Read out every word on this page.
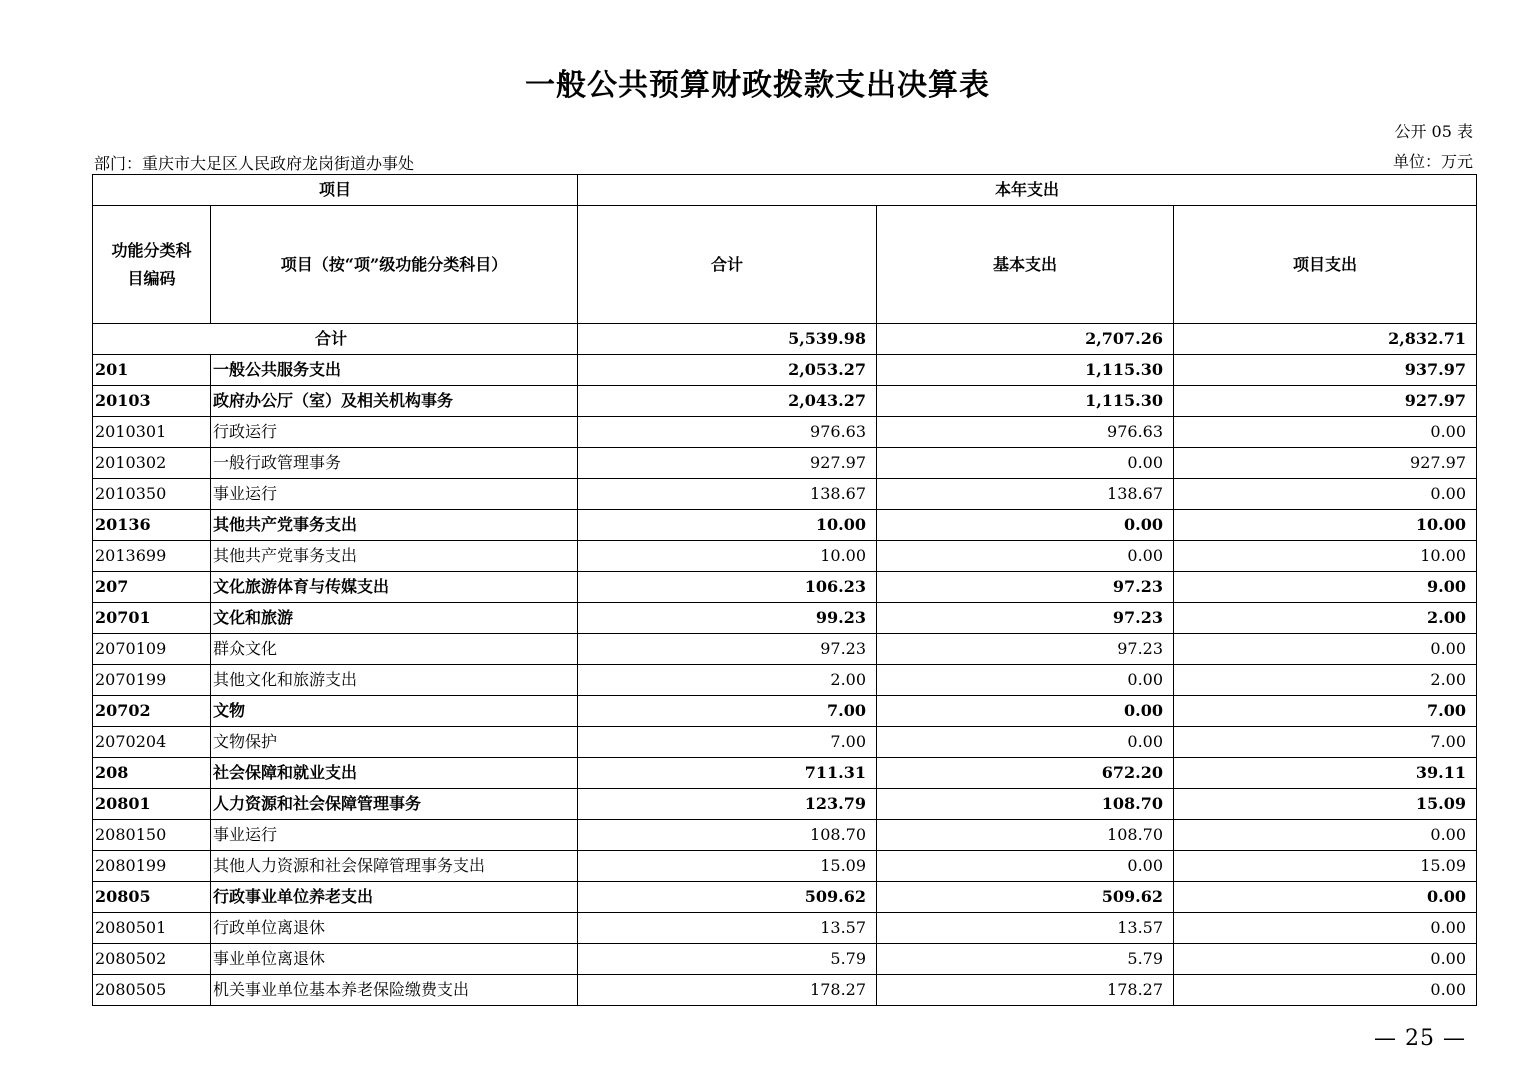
一般公共预算财政拨款支出决算表
公开 05 表
部门：重庆市大足区人民政府龙岗街道办事处	单位：万元
项目		本年支出		
功能分类科目编码	项目（按“项”级功能分类科目）	合计	基本支出	项目支出
合计		5,539.98	2,707.26	2,832.71
201	一般公共服务支出	2,053.27	1,115.30	937.97
20103	政府办公厅（室）及相关机构事务	2,043.27	1,115.30	927.97
2010301	行政运行	976.63	976.63	0.00
2010302	一般行政管理事务	927.97	0.00	927.97
2010350	事业运行	138.67	138.67	0.00
20136	其他共产党事务支出	10.00	0.00	10.00
2013699	其他共产党事务支出	10.00	0.00	10.00
207	文化旅游体育与传媒支出	106.23	97.23	9.00
20701	文化和旅游	99.23	97.23	2.00
2070109	群众文化	97.23	97.23	0.00
2070199	其他文化和旅游支出	2.00	0.00	2.00
20702	文物	7.00	0.00	7.00
2070204	文物保护	7.00	0.00	7.00
208	社会保障和就业支出	711.31	672.20	39.11
20801	人力资源和社会保障管理事务	123.79	108.70	15.09
2080150	事业运行	108.70	108.70	0.00
2080199	其他人力资源和社会保障管理事务支出	15.09	0.00	15.09
20805	行政事业单位养老支出	509.62	509.62	0.00
2080501	行政单位离退休	13.57	13.57	0.00
2080502	事业单位离退休	5.79	5.79	0.00
2080505	机关事业单位基本养老保险缴费支出	178.27	178.27	0.00
— 25 —
